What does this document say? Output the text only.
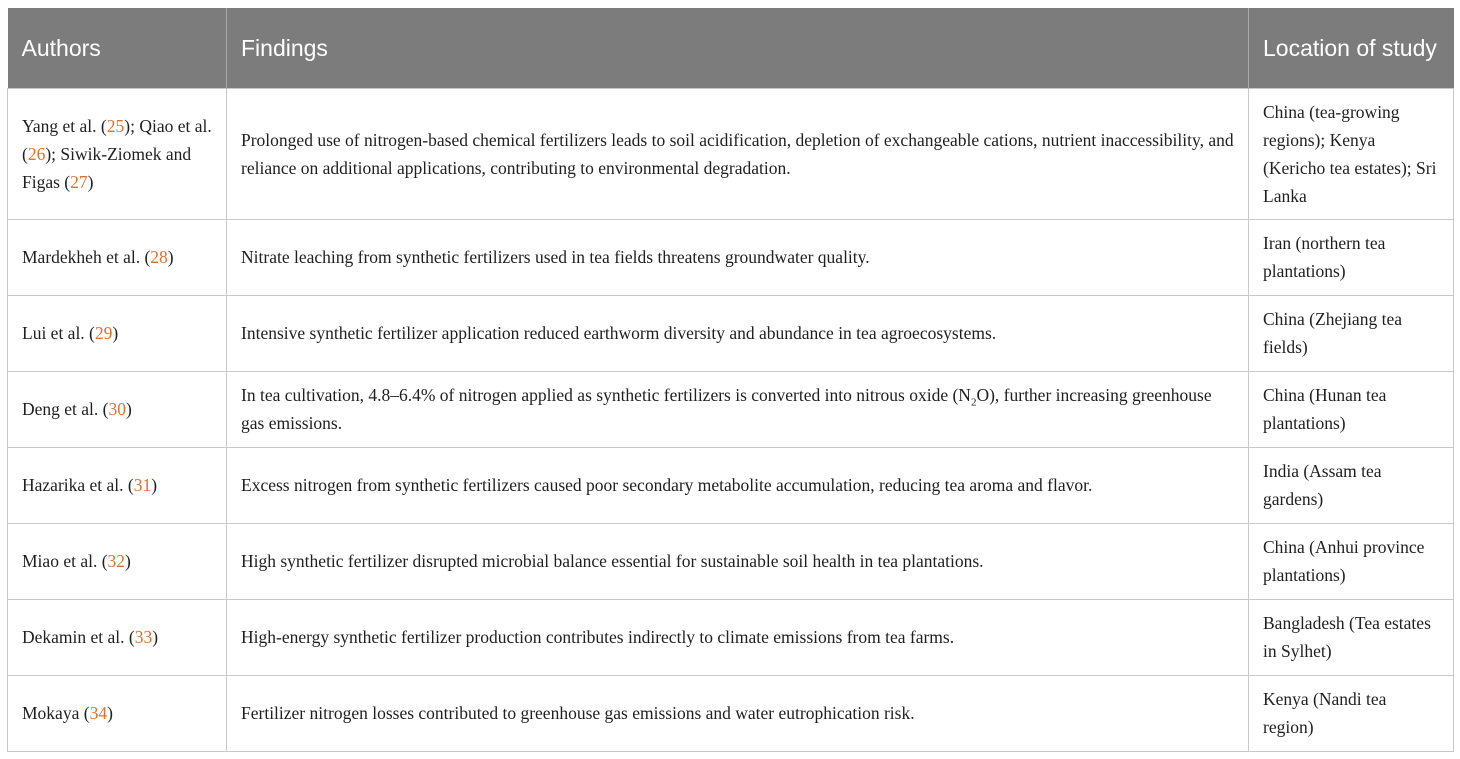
Authors	Findings	Location of study
Yang et al. (25); Qiao et al. (26); Siwik-Ziomek and Figas (27)	Prolonged use of nitrogen-based chemical fertilizers leads to soil acidification, depletion of exchangeable cations, nutrient inaccessibility, and reliance on additional applications, contributing to environmental degradation.	China (tea-growing regions); Kenya (Kericho tea estates); Sri Lanka
Mardekheh et al. (28)	Nitrate leaching from synthetic fertilizers used in tea fields threatens groundwater quality.	Iran (northern tea plantations)
Lui et al. (29)	Intensive synthetic fertilizer application reduced earthworm diversity and abundance in tea agroecosystems.	China (Zhejiang tea fields)
Deng et al. (30)	In tea cultivation, 4.8–6.4% of nitrogen applied as synthetic fertilizers is converted into nitrous oxide $(N_2O)$, further increasing greenhouse gas emissions.	China (Hunan tea plantations)
Hazarika et al. (31)	Excess nitrogen from synthetic fertilizers caused poor secondary metabolite accumulation, reducing tea aroma and flavor.	India (Assam tea gardens)
Miao et al. (32)	High synthetic fertilizer disrupted microbial balance essential for sustainable soil health in tea plantations.	China (Anhui province plantations)
Dekamin et al. (33)	High-energy synthetic fertilizer production contributes indirectly to climate emissions from tea farms.	Bangladesh (Tea estates in Sylhet)
Mokaya (34)	Fertilizer nitrogen losses contributed to greenhouse gas emissions and water eutrophication risk.	Kenya (Nandi tea region)
